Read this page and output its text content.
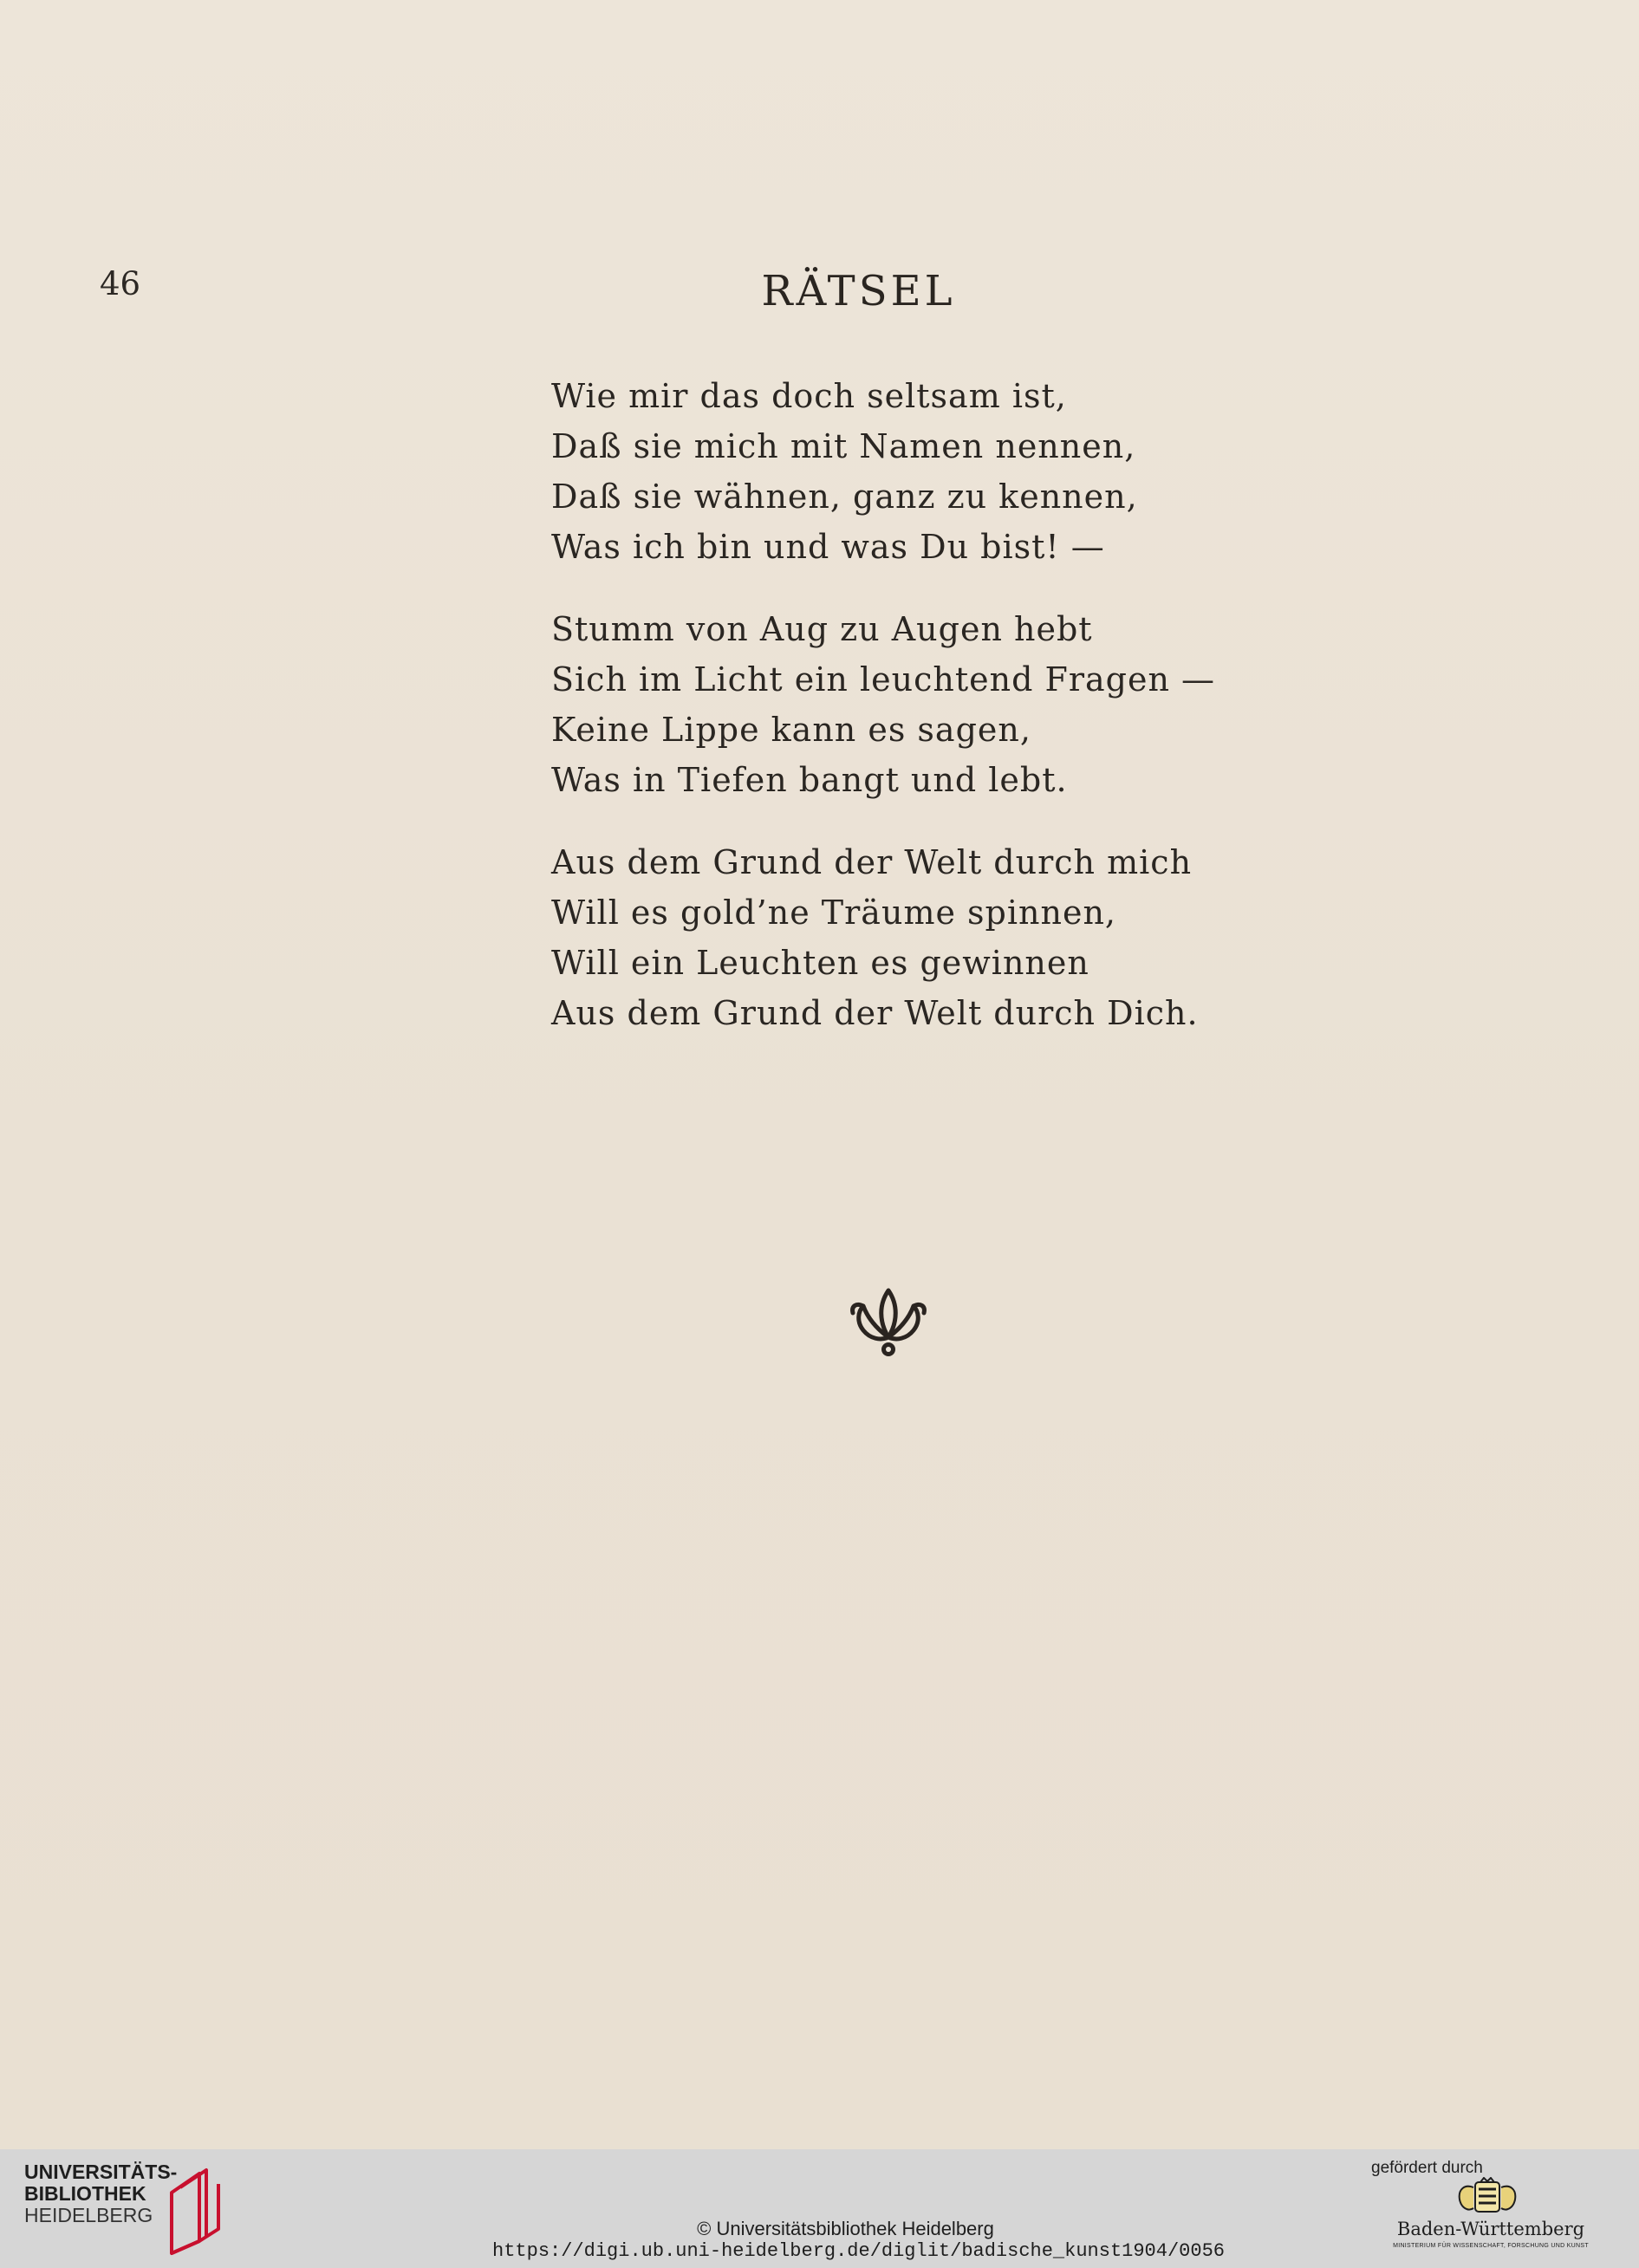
46	RÄTSEL
Wie mir das doch seltsam ist,
Daß sie mich mit Namen nennen,
Daß sie wähnen, ganz zu kennen,
Was ich bin und was Du bist! —
Stumm von Aug zu Augen hebt
Sich im Licht ein leuchtend Fragen —
Keine Lippe kann es sagen,
Was in Tiefen bangt und lebt.
Aus dem Grund der Welt durch mich
Will es gold’ne Träume spinnen,
Will ein Leuchten es gewinnen
Aus dem Grund der Welt durch Dich.
UNIVERSITÄTS-
BIBLIOTHEK
HEIDELBERG
© Universitätsbibliothek Heidelberg
https://digi.ub.uni-heidelberg.de/diglit/badische_kunst1904/0056
gefördert durch
Baden-Württemberg
MINISTERIUM FÜR WISSENSCHAFT, FORSCHUNG UND KUNST
